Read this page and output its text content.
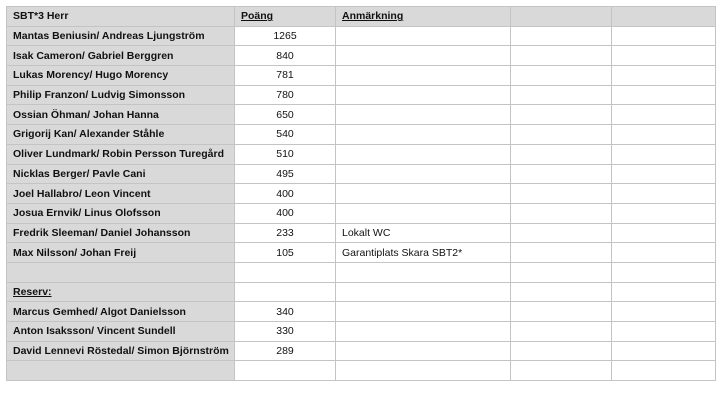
SBT*3 Herr	Poäng	Anmärkning		
Mantas Beniusin/ Andreas Ljungström	1265			
Isak Cameron/ Gabriel Berggren	840			
Lukas Morency/ Hugo Morency	781			
Philip Franzon/ Ludvig Simonsson	780			
Ossian Öhman/ Johan Hanna	650			
Grigorij Kan/ Alexander Ståhle	540			
Oliver Lundmark/ Robin Persson Turegård	510			
Nicklas Berger/ Pavle Cani	495			
Joel Hallabro/ Leon Vincent	400			
Josua Ernvik/ Linus Olofsson	400			
Fredrik Sleeman/ Daniel Johansson	233	Lokalt WC		
Max Nilsson/ Johan Freij	105	Garantiplats Skara SBT2*		

Reserv:				
Marcus Gemhed/ Algot Danielsson	340			
Anton Isaksson/ Vincent Sundell	330			
David Lennevi Röstedal/ Simon Björnström	289			
